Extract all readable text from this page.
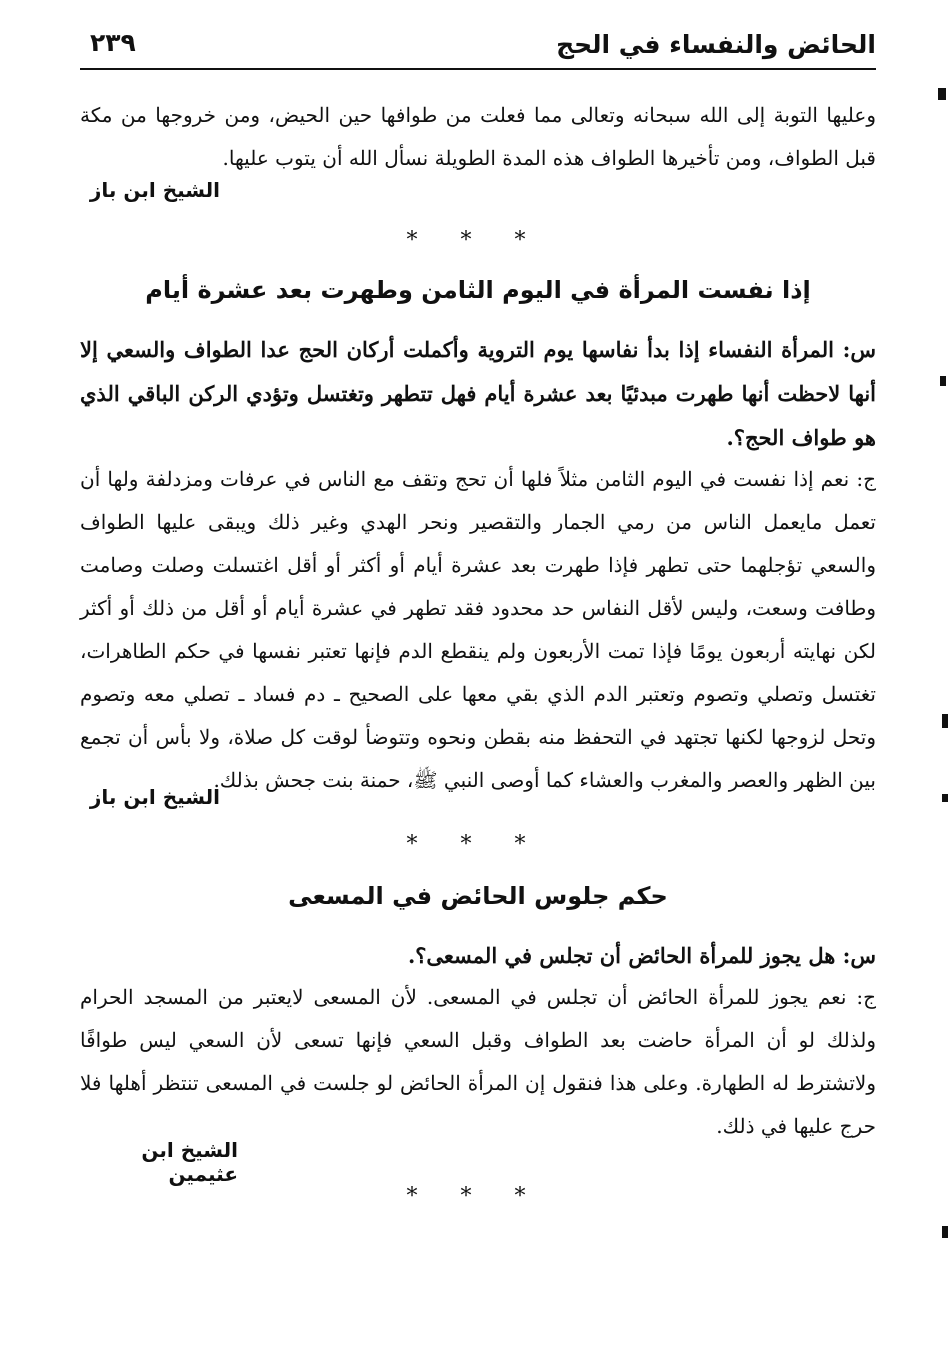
الحائض والنفساء في الحج
٢٣٩

وعليها التوبة إلى الله سبحانه وتعالى مما فعلت من طوافها حين الحيض، ومن خروجها من مكة قبل الطواف، ومن تأخيرها الطواف هذه المدة الطويلة نسأل الله أن يتوب عليها.

الشيخ ابن باز
* * *
إذا نفست المرأة في اليوم الثامن وطهرت بعد عشرة أيام

س: المرأة النفساء إذا بدأ نفاسها يوم التروية وأكملت أركان الحج عدا الطواف والسعي إلا أنها لاحظت أنها طهرت مبدئيًا بعد عشرة أيام فهل تتطهر وتغتسل وتؤدي الركن الباقي الذي هو طواف الحج؟.

ج: نعم إذا نفست في اليوم الثامن مثلاً فلها أن تحج وتقف مع الناس في عرفات ومزدلفة ولها أن تعمل مايعمل الناس من رمي الجمار والتقصير ونحر الهدي وغير ذلك ويبقى عليها الطواف والسعي تؤجلهما حتى تطهر فإذا طهرت بعد عشرة أيام أو أكثر أو أقل اغتسلت وصلت وصامت وطافت وسعت، وليس لأقل النفاس حد محدود فقد تطهر في عشرة أيام أو أقل من ذلك أو أكثر لكن نهايته أربعون يومًا فإذا تمت الأربعون ولم ينقطع الدم فإنها تعتبر نفسها في حكم الطاهرات، تغتسل وتصلي وتصوم وتعتبر الدم الذي بقي معها على الصحيح ـ دم فساد ـ تصلي معه وتصوم وتحل لزوجها لكنها تجتهد في التحفظ منه بقطن ونحوه وتتوضأ لوقت كل صلاة، ولا بأس أن تجمع بين الظهر والعصر والمغرب والعشاء كما أوصى النبي ﷺ، حمنة بنت جحش بذلك.

الشيخ ابن باز
* * *
حكم جلوس الحائض في المسعى

س: هل يجوز للمرأة الحائض أن تجلس في المسعى؟.

ج: نعم يجوز للمرأة الحائض أن تجلس في المسعى. لأن المسعى لايعتبر من المسجد الحرام ولذلك لو أن المرأة حاضت بعد الطواف وقبل السعي فإنها تسعى لأن السعي ليس طوافًا ولاتشترط له الطهارة. وعلى هذا فنقول إن المرأة الحائض لو جلست في المسعى تنتظر أهلها فلا حرج عليها في ذلك.

الشيخ ابن عثيمين
* * *
